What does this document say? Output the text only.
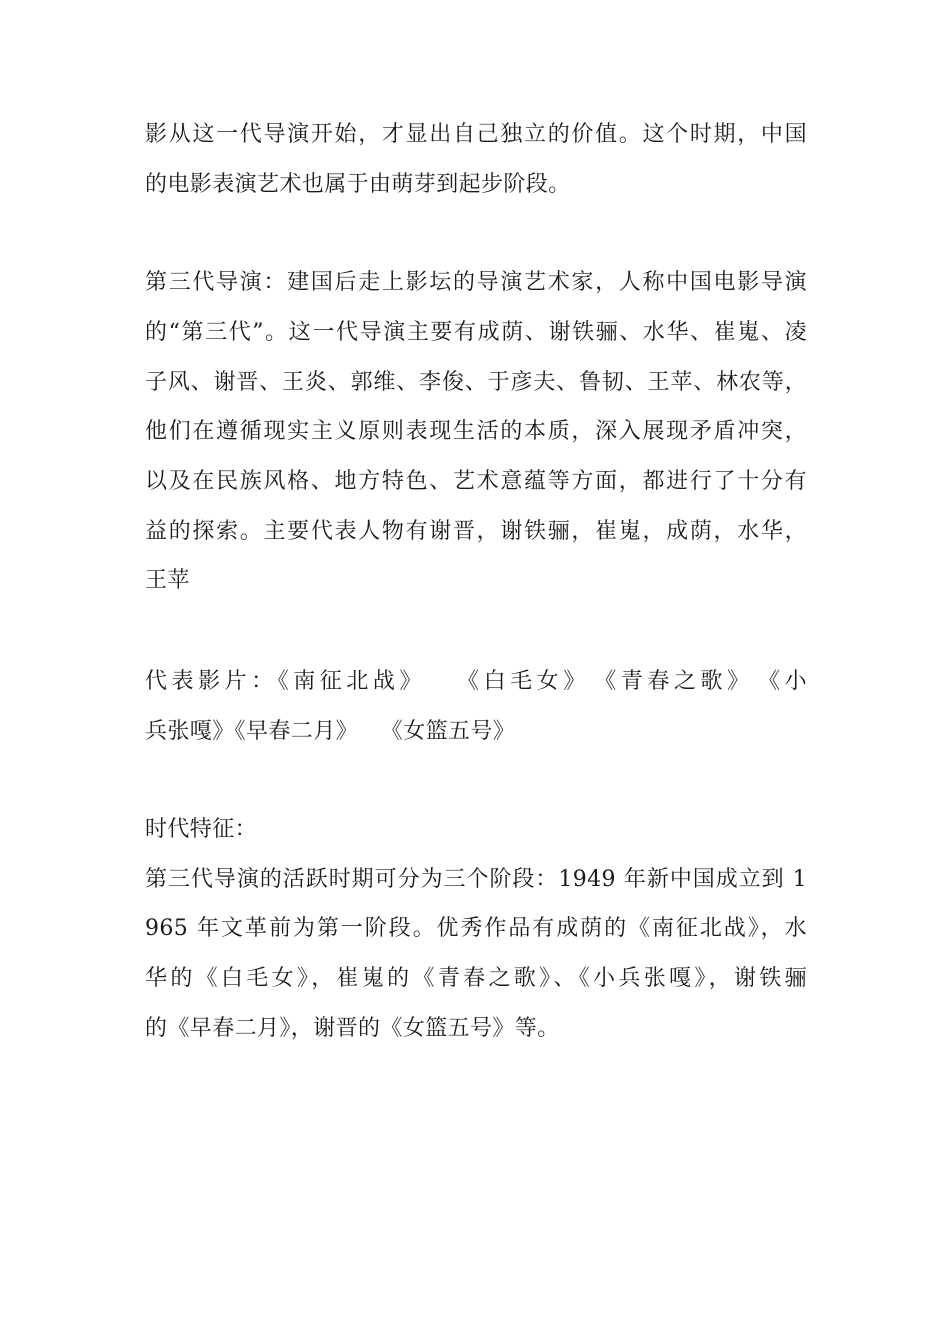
影从这一代导演开始，才显出自己独立的价值。这个时期，中国
的电影表演艺术也属于由萌芽到起步阶段。
第三代导演：建国后走上影坛的导演艺术家，人称中国电影导演
的“第三代”。这一代导演主要有成荫、谢铁骊、水华、崔嵬、凌
子风、谢晋、王炎、郭维、李俊、于彦夫、鲁韧、王苹、林农等，
他们在遵循现实主义原则表现生活的本质，深入展现矛盾冲突，
以及在民族风格、地方特色、艺术意蕴等方面，都进行了十分有
益的探索。主要代表人物有谢晋，谢铁骊，崔嵬，成荫，水华，
王苹
代表影片：《南征北战》　　《白毛女》　《青春之歌》　《小
兵张嘎》《早春二月》　　《女篮五号》
时代特征：
第三代导演的活跃时期可分为三个阶段：1949 年新中国成立到 1
965 年文革前为第一阶段。优秀作品有成荫的《南征北战》，水
华的《白毛女》，崔嵬的《青春之歌》、《小兵张嘎》，谢铁骊
的《早春二月》，谢晋的《女篮五号》等。
